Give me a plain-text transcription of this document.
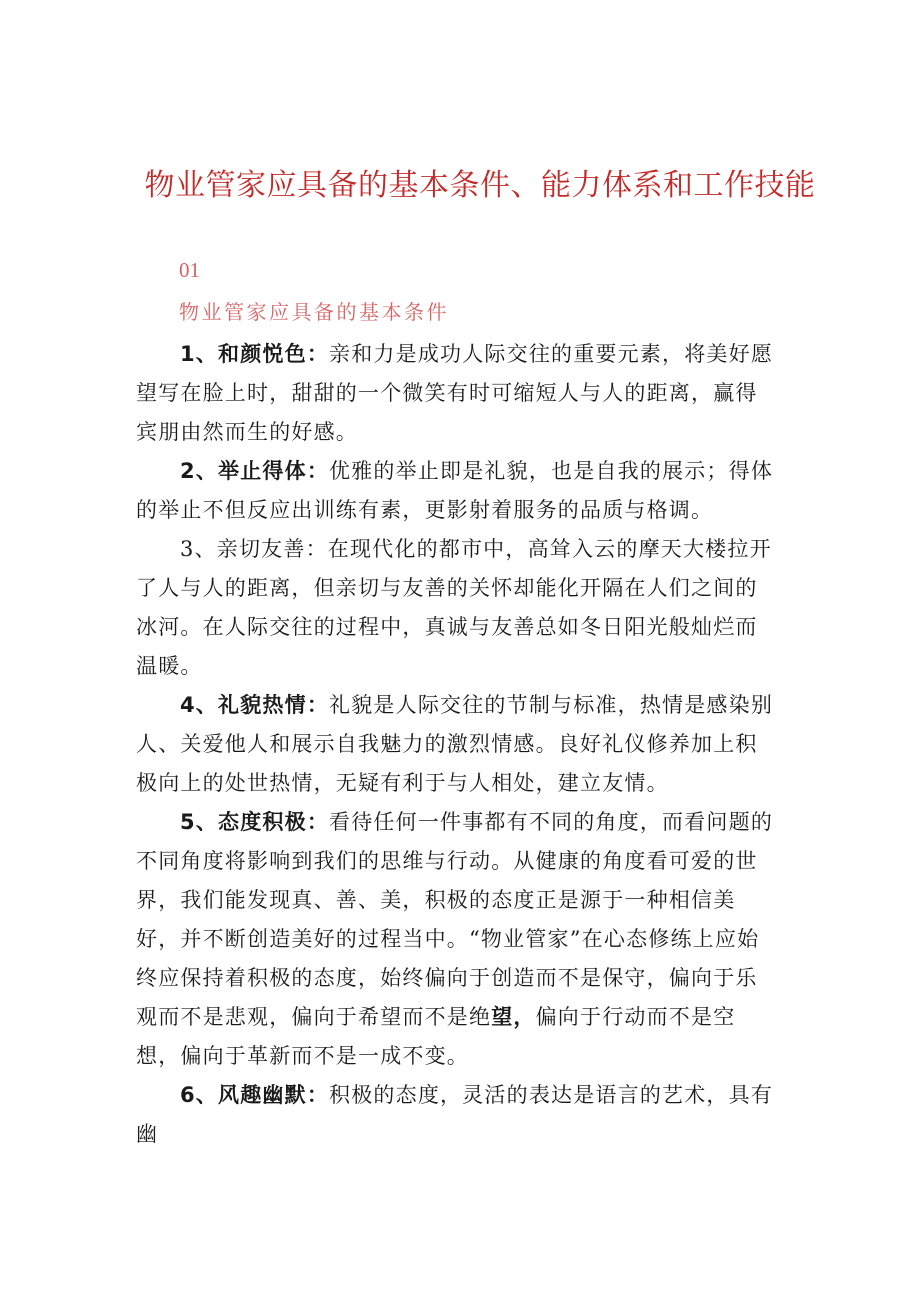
物业管家应具备的基本条件、能力体系和工作技能
01
物业管家应具备的基本条件

1、和颜悦色：亲和力是成功人际交往的重要元素，将美好愿望写在脸上时，甜甜的一个微笑有时可缩短人与人的距离，赢得宾朋由然而生的好感。

2、举止得体：优雅的举止即是礼貌，也是自我的展示；得体的举止不但反应出训练有素，更影射着服务的品质与格调。

3、亲切友善：在现代化的都市中，高耸入云的摩天大楼拉开了人与人的距离，但亲切与友善的关怀却能化开隔在人们之间的冰河。在人际交往的过程中，真诚与友善总如冬日阳光般灿烂而温暖。

4、礼貌热情：礼貌是人际交往的节制与标准，热情是感染别人、关爱他人和展示自我魅力的激烈情感。良好礼仪修养加上积极向上的处世热情，无疑有利于与人相处，建立友情。

5、态度积极：看待任何一件事都有不同的角度，而看问题的不同角度将影响到我们的思维与行动。从健康的角度看可爱的世界，我们能发现真、善、美，积极的态度正是源于一种相信美好，并不断创造美好的过程当中。“物业管家”在心态修练上应始终应保持着积极的态度，始终偏向于创造而不是保守，偏向于乐观而不是悲观，偏向于希望而不是绝望，偏向于行动而不是空想，偏向于革新而不是一成不变。

6、风趣幽默：积极的态度，灵活的表达是语言的艺术，具有幽
